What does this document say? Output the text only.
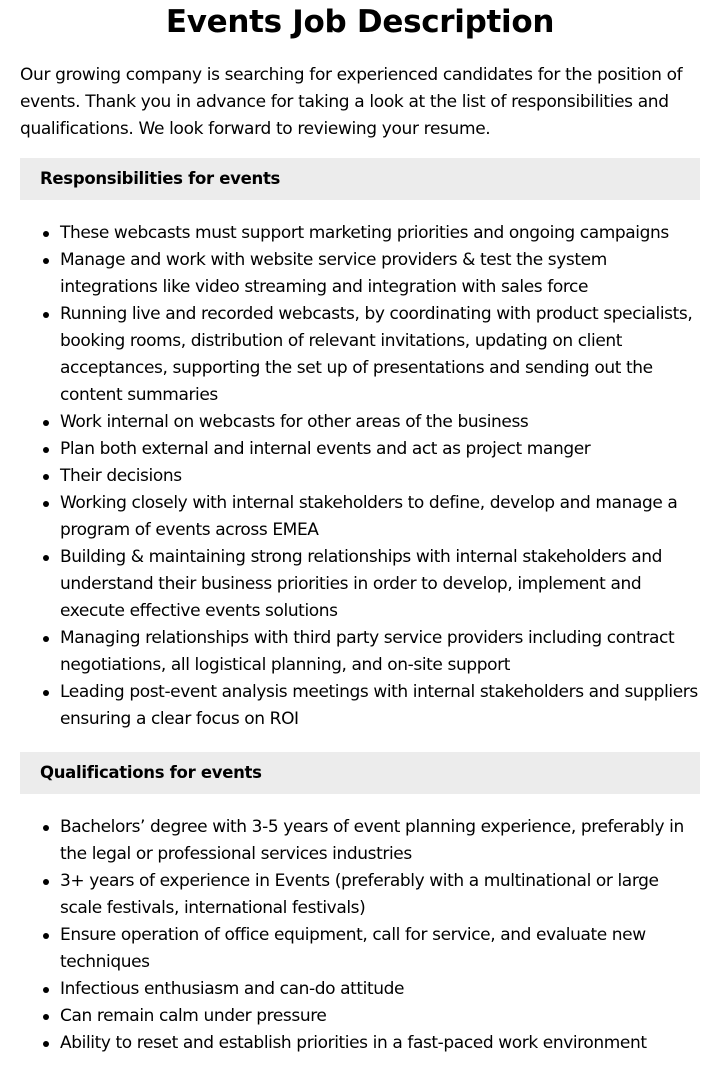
Events Job Description

Our growing company is searching for experienced candidates for the position of events. Thank you in advance for taking a look at the list of responsibilities and qualifications. We look forward to reviewing your resume.

Responsibilities for events
These webcasts must support marketing priorities and ongoing campaigns
Manage and work with website service providers & test the system integrations like video streaming and integration with sales force
Running live and recorded webcasts, by coordinating with product specialists, booking rooms, distribution of relevant invitations, updating on client acceptances, supporting the set up of presentations and sending out the content summaries
Work internal on webcasts for other areas of the business
Plan both external and internal events and act as project manger
Their decisions
Working closely with internal stakeholders to define, develop and manage a program of events across EMEA
Building & maintaining strong relationships with internal stakeholders and understand their business priorities in order to develop, implement and execute effective events solutions
Managing relationships with third party service providers including contract negotiations, all logistical planning, and on-site support
Leading post-event analysis meetings with internal stakeholders and suppliers ensuring a clear focus on ROI
Qualifications for events
Bachelors’ degree with 3-5 years of event planning experience, preferably in the legal or professional services industries
3+ years of experience in Events (preferably with a multinational or large scale festivals, international festivals)
Ensure operation of office equipment, call for service, and evaluate new techniques
Infectious enthusiasm and can-do attitude
Can remain calm under pressure
Ability to reset and establish priorities in a fast-paced work environment
